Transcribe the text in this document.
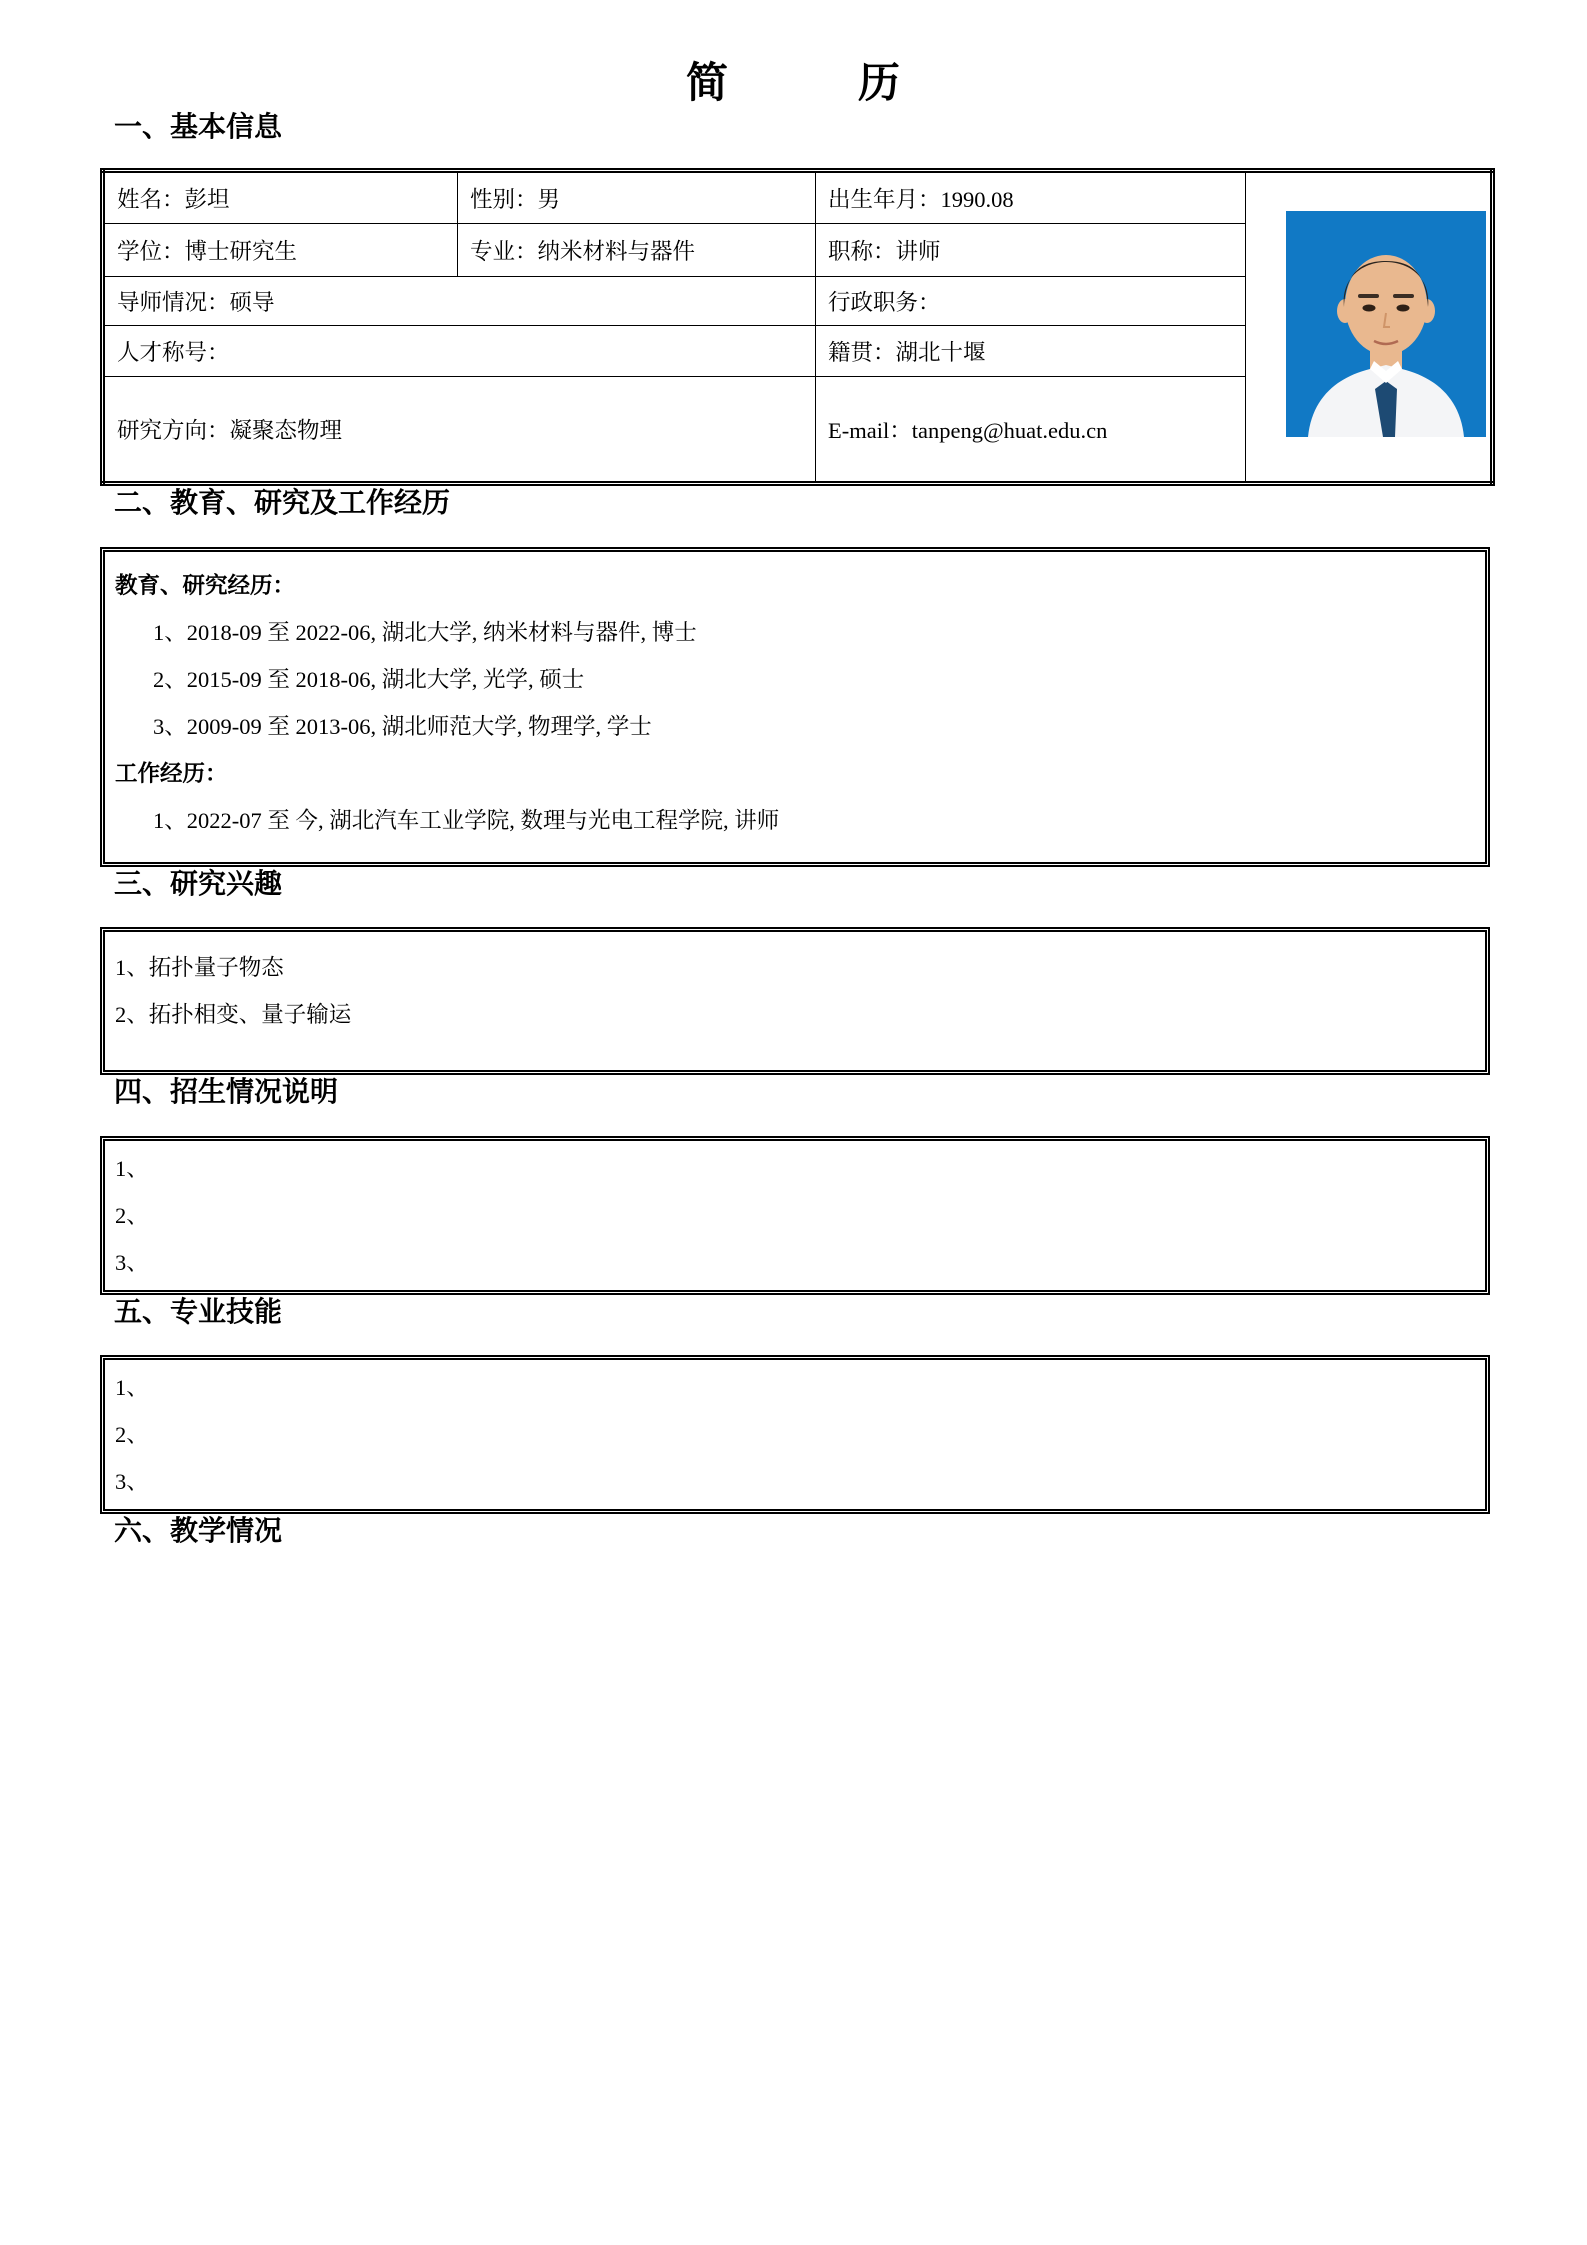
简　　　历
一、基本信息
姓名：彭坦	性别：男	出生年月：1990.08	
学位：博士研究生	专业：纳米材料与器件	职称：讲师	
导师情况：硕导		行政职务：	
人才称号：		籍贯：湖北十堰	
研究方向：凝聚态物理		E-mail：tanpeng@huat.edu.cn	
二、教育、研究及工作经历
教育、研究经历：
1、2018-09 至 2022-06, 湖北大学, 纳米材料与器件, 博士
2、2015-09 至 2018-06, 湖北大学, 光学, 硕士
3、2009-09 至 2013-06, 湖北师范大学, 物理学, 学士
工作经历：
1、2022-07 至 今, 湖北汽车工业学院, 数理与光电工程学院, 讲师
三、研究兴趣
1、拓扑量子物态
2、拓扑相变、量子输运
四、招生情况说明
1、
2、
3、
五、专业技能
1、
2、
3、
六、教学情况
